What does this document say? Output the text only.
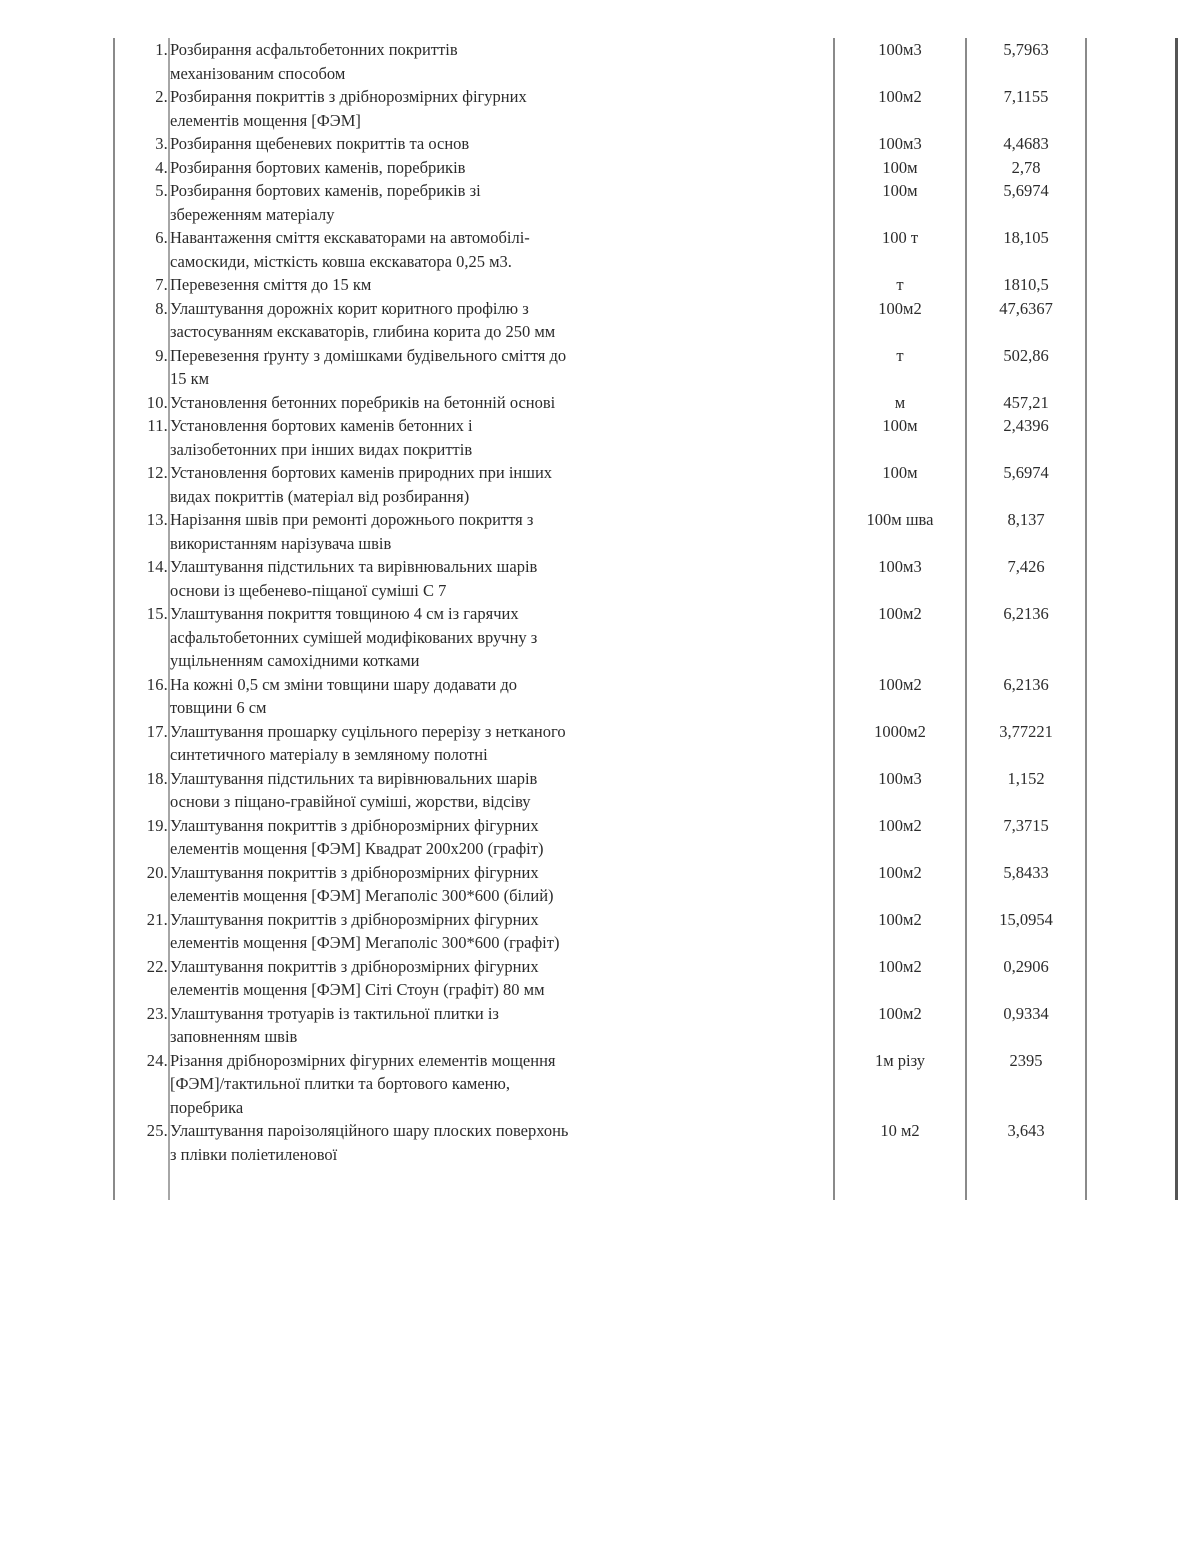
1.	Розбирання асфальтобетонних покриттів
механізованим способом	100м3	5,7963		
2.	Розбирання покриттів з дрібнорозмірних фігурних
елементів мощення [ФЭМ]	100м2	7,1155		
3.	Розбирання щебеневих покриттів та основ	100м3	4,4683		
4.	Розбирання бортових каменів, поребриків	100м	2,78		
5.	Розбирання бортових каменів, поребриків зі
збереженням матеріалу	100м	5,6974		
6.	Навантаження сміття екскаваторами на автомобілі-
самоскиди, місткість ковша екскаватора 0,25 м3.	100 т	18,105		
7.	Перевезення сміття до 15 км	т	1810,5		
8.	Улаштування дорожніх корит коритного профілю з
застосуванням екскаваторів, глибина корита до 250 мм	100м2	47,6367		
9.	Перевезення ґрунту з домішками будівельного сміття до
15 км	т	502,86		
10.	Установлення бетонних поребриків на бетонній основі	м	457,21		
11.	Установлення бортових каменів бетонних і
залізобетонних при інших видах покриттів	100м	2,4396		
12.	Установлення бортових каменів природних при інших
видах покриттів (матеріал від розбирання)	100м	5,6974		
13.	Нарізання швів при ремонті дорожнього покриття з
використанням нарізувача швів	100м шва	8,137		
14.	Улаштування підстильних та вирівнювальних шарів
основи із щебенево-піщаної суміші С 7	100м3	7,426		
15.	Улаштування покриття товщиною 4 см із гарячих
асфальтобетонних сумішей модифікованих вручну з
ущільненням самохідними котками	100м2	6,2136		
16.	На кожні 0,5 см зміни товщини шару додавати до
товщини 6 см	100м2	6,2136		
17.	Улаштування прошарку суцільного перерізу з нетканого
синтетичного матеріалу в земляному полотні	1000м2	3,77221		
18.	Улаштування підстильних та вирівнювальних шарів
основи з піщано-гравійної суміші, жорстви, відсіву	100м3	1,152		
19.	Улаштування покриттів з дрібнорозмірних фігурних
елементів мощення [ФЭМ] Квадрат 200х200 (графіт)	100м2	7,3715		
20.	Улаштування покриттів з дрібнорозмірних фігурних
елементів мощення [ФЭМ] Мегаполіс 300*600 (білий)	100м2	5,8433		
21.	Улаштування покриттів з дрібнорозмірних фігурних
елементів мощення [ФЭМ] Мегаполіс 300*600 (графіт)	100м2	15,0954		
22.	Улаштування покриттів з дрібнорозмірних фігурних
елементів мощення [ФЭМ] Сіті Стоун (графіт) 80 мм	100м2	0,2906		
23.	Улаштування тротуарів із тактильної плитки із
заповненням швів	100м2	0,9334		
24.	Різання дрібнорозмірних фігурних елементів мощення
[ФЭМ]/тактильної плитки та бортового каменю,
поребрика	1м різу	2395		
25.	Улаштування пароізоляційного шару плоских поверхонь
з плівки поліетиленової	10 м2	3,643		
